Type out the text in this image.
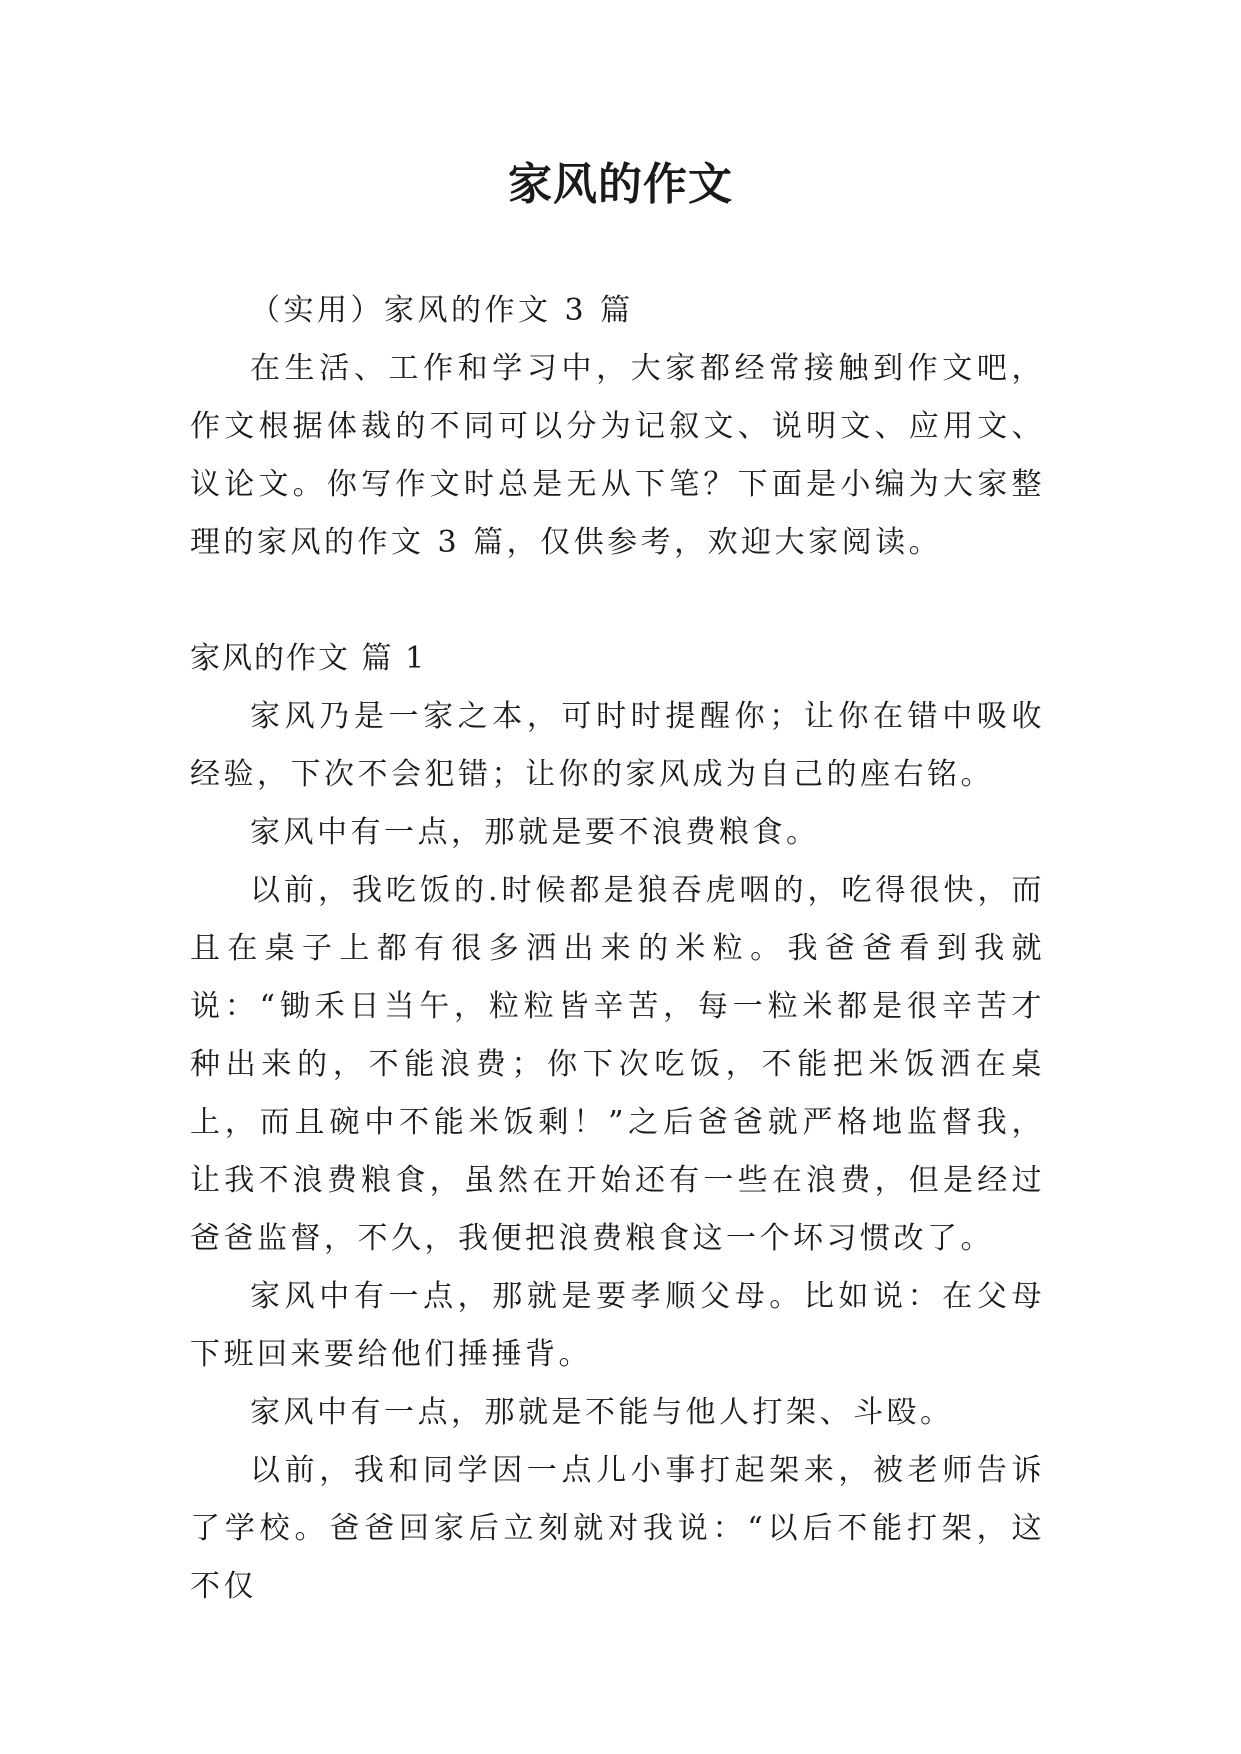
家风的作文

（实用）家风的作文 3 篇

在生活、工作和学习中，大家都经常接触到作文吧，作文根据体裁的不同可以分为记叙文、说明文、应用文、议论文。你写作文时总是无从下笔？下面是小编为大家整理的家风的作文 3 篇，仅供参考，欢迎大家阅读。

家风的作文 篇 1

家风乃是一家之本，可时时提醒你；让你在错中吸收经验，下次不会犯错；让你的家风成为自己的座右铭。

家风中有一点，那就是要不浪费粮食。

以前，我吃饭的.时候都是狼吞虎咽的，吃得很快，而且在桌子上都有很多洒出来的米粒。我爸爸看到我就说：“锄禾日当午，粒粒皆辛苦，每一粒米都是很辛苦才种出来的，不能浪费；你下次吃饭，不能把米饭洒在桌上，而且碗中不能米饭剩！”之后爸爸就严格地监督我，让我不浪费粮食，虽然在开始还有一些在浪费，但是经过爸爸监督，不久，我便把浪费粮食这一个坏习惯改了。

家风中有一点，那就是要孝顺父母。比如说：在父母下班回来要给他们捶捶背。

家风中有一点，那就是不能与他人打架、斗殴。

以前，我和同学因一点儿小事打起架来，被老师告诉了学校。爸爸回家后立刻就对我说：“以后不能打架，这不仅
